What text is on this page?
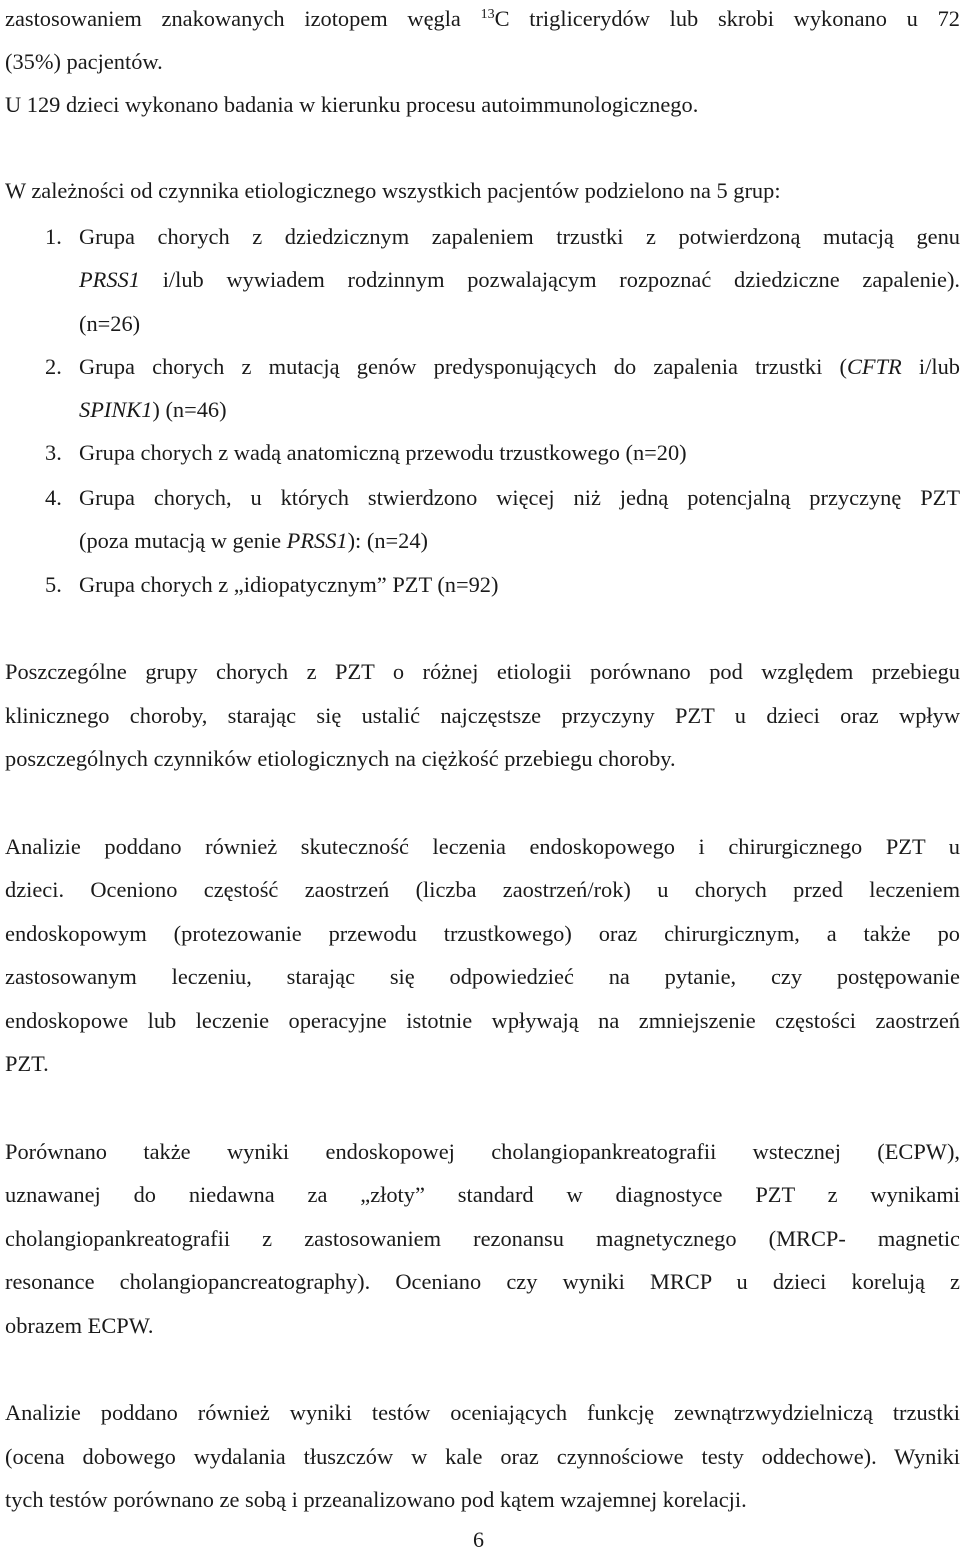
zastosowaniem znakowanych izotopem węgla $^{13}$C triglicerydów lub skrobi wykonano u 72
(35%) pacjentów.
U 129 dzieci wykonano badania w kierunku procesu autoimmunologicznego.
W zależności od czynnika etiologicznego wszystkich pacjentów podzielono na 5 grup:
1. Grupa chorych z dziedzicznym zapaleniem trzustki z potwierdzoną mutacją genu
PRSS1 i/lub wywiadem rodzinnym pozwalającym rozpoznać dziedziczne zapalenie).
(n=26)
2. Grupa chorych z mutacją genów predysponujących do zapalenia trzustki (CFTR i/lub
SPINK1) (n=46)
3. Grupa chorych z wadą anatomiczną przewodu trzustkowego (n=20)
4. Grupa chorych, u których stwierdzono więcej niż jedną potencjalną przyczynę PZT
(poza mutacją w genie PRSS1): (n=24)
5. Grupa chorych z „idiopatycznym” PZT (n=92)
Poszczególne grupy chorych z PZT o różnej etiologii porównano pod względem przebiegu
klinicznego choroby, starając się ustalić najczęstsze przyczyny PZT u dzieci oraz wpływ
poszczególnych czynników etiologicznych na ciężkość przebiegu choroby.
Analizie poddano również skuteczność leczenia endoskopowego i chirurgicznego PZT u
dzieci. Oceniono częstość zaostrzeń (liczba zaostrzeń/rok) u chorych przed leczeniem
endoskopowym (protezowanie przewodu trzustkowego) oraz chirurgicznym, a także po
zastosowanym leczeniu, starając się odpowiedzieć na pytanie, czy postępowanie
endoskopowe lub leczenie operacyjne istotnie wpływają na zmniejszenie częstości zaostrzeń
PZT.
Porównano także wyniki endoskopowej cholangiopankreatografii wstecznej (ECPW),
uznawanej do niedawna za „złoty” standard w diagnostyce PZT z wynikami
cholangiopankreatografii z zastosowaniem rezonansu magnetycznego (MRCP- magnetic
resonance cholangiopancreatography). Oceniano czy wyniki MRCP u dzieci korelują z
obrazem ECPW.
Analizie poddano również wyniki testów oceniających funkcję zewnątrzwydzielniczą trzustki
(ocena dobowego wydalania tłuszczów w kale oraz czynnościowe testy oddechowe). Wyniki
tych testów porównano ze sobą i przeanalizowano pod kątem wzajemnej korelacji.
6
